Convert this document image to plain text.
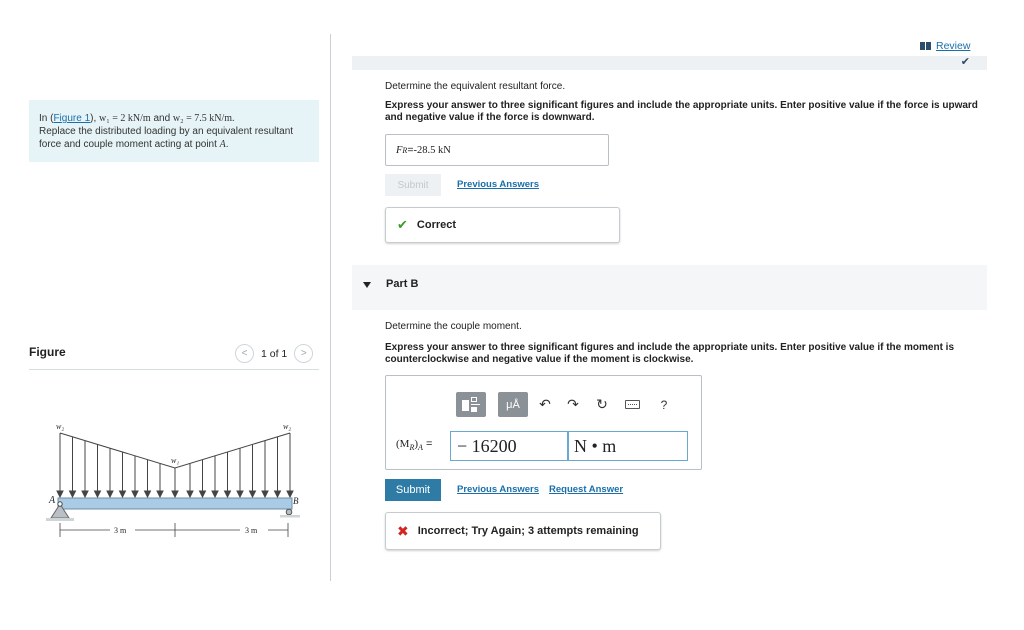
In (Figure 1), w₁ = 2 kN/m and w₂ = 7.5 kN/m.
Replace the distributed loading by an equivalent resultant force and couple moment acting at point A.
Figure	<	1 of 1	>
A	B
w₂	w₂
w₁
3 m	3 m
Review
✔
Determine the equivalent resultant force.
Express your answer to three significant figures and include the appropriate units. Enter positive value if the force is upward and negative value if the force is downward.
F R = -28.5 kN
Submit	Previous Answers
✔ Correct
Part B
Determine the couple moment.
Express your answer to three significant figures and include the appropriate units. Enter positive value if the moment is counterclockwise and negative value if the moment is clockwise.
μÅ	↶ ↷ ↻	?
$(M_R)_A$ =	− 16200	N • m
Submit	Previous Answers Request Answer
✖ Incorrect; Try Again; 3 attempts remaining
